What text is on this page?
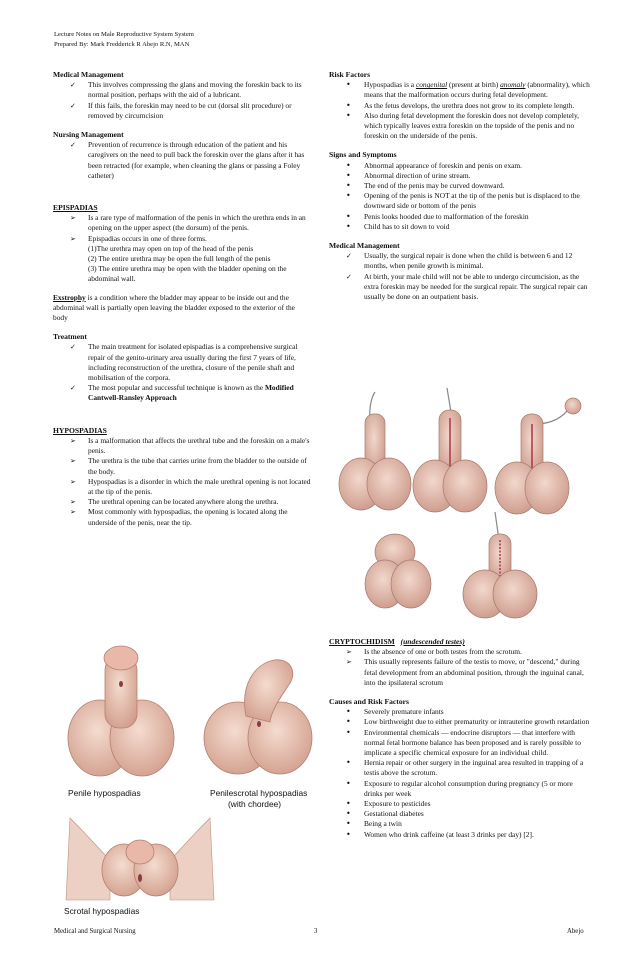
Lecture Notes on Male Reproductive System System
Prepared By: Mark Fredderick R Abejo R.N, MAN
Medical Management
✓ This involves compressing the glans and moving the foreskin back to its normal position, perhaps with the aid of a lubricant.
✓ If this fails, the foreskin may need to be cut (dorsal slit procedure) or removed by circumcision
Nursing Management
✓ Prevention of recurrence is through education of the patient and his caregivers on the need to pull back the foreskin over the glans after it has been retracted (for example, when cleaning the glans or passing a Foley catheter)
EPISPADIAS
➢ Is a rare type of malformation of the penis in which the urethra ends in an opening on the upper aspect (the dorsum) of the penis.
➢ Epispadias occurs in one of three forms.
(1)The urethra may open on top of the head of the penis
(2) The entire urethra may be open the full length of the penis
(3) The entire urethra may be open with the bladder opening on the abdominal wall.

Exstrophy is a condition where the bladder may appear to be inside out and the abdominal wall is partially open leaving the bladder exposed to the exterior of the body

Treatment
✓ The main treatment for isolated epispadias is a comprehensive surgical repair of the genito-urinary area usually during the first 7 years of life, including reconstruction of the urethra, closure of the penile shaft and mobilisation of the corpora.
✓ The most popular and successful technique is known as the Modified Cantwell-Ransley Approach
HYPOSPADIAS
➢ Is a malformation that affects the urethral tube and the foreskin on a male's penis.
➢ The urethra is the tube that carries urine from the bladder to the outside of the body.
➢ Hypospadias is a disorder in which the male urethral opening is not located at the tip of the penis.
➢ The urethral opening can be located anywhere along the urethra.
➢ Most commonly with hypospadias, the opening is located along the underside of the penis, near the tip.
Penile hypospadias	Penilescrotal hypospadias
(with chordee)
Scrotal hypospadias
Risk Factors
• Hypospadias is a congenital (present at birth) anomaly (abnormality), which means that the malformation occurs during fetal development.
• As the fetus develops, the urethra does not grow to its complete length.
• Also during fetal development the foreskin does not develop completely, which typically leaves extra foreskin on the topside of the penis and no foreskin on the underside of the penis.
Signs and Symptoms
• Abnormal appearance of foreskin and penis on exam.
• Abnormal direction of urine stream.
• The end of the penis may be curved downward.
• Opening of the penis is NOT at the tip of the penis but is displaced to the downward side or bottom of the penis
• Penis looks hooded due to malformation of the foreskin
• Child has to sit down to void
Medical Management
✓ Usually, the surgical repair is done when the child is between 6 and 12 months, when penile growth is minimal.
✓ At birth, your male child will not be able to undergo circumcision, as the extra foreskin may be needed for the surgical repair. The surgical repair can usually be done on an outpatient basis.
CRYPTOCHIDISM (undescended testes)
➢ Is the absence of one or both testes from the scrotum.
➢ This usually represents failure of the testis to move, or "descend," during fetal development from an abdominal position, through the inguinal canal, into the ipsilateral scrotum
Causes and Risk Factors
• Severely premature infants
• Low birthweight due to either prematurity or intrauterine growth retardation
• Environmental chemicals — endocrine disruptors — that interfere with normal fetal hormone balance has been proposed and is rarely possible to implicate a specific chemical exposure for an individual child.
• Hernia repair or other surgery in the inguinal area resulted in trapping of a testis above the scrotum.
• Exposure to regular alcohol consumption during pregnancy (5 or more drinks per week
• Exposure to pesticides
• Gestational diabetes
• Being a twin
• Women who drink caffeine (at least 3 drinks per day) [2].
Medical and Surgical Nursing	3	Abejo
